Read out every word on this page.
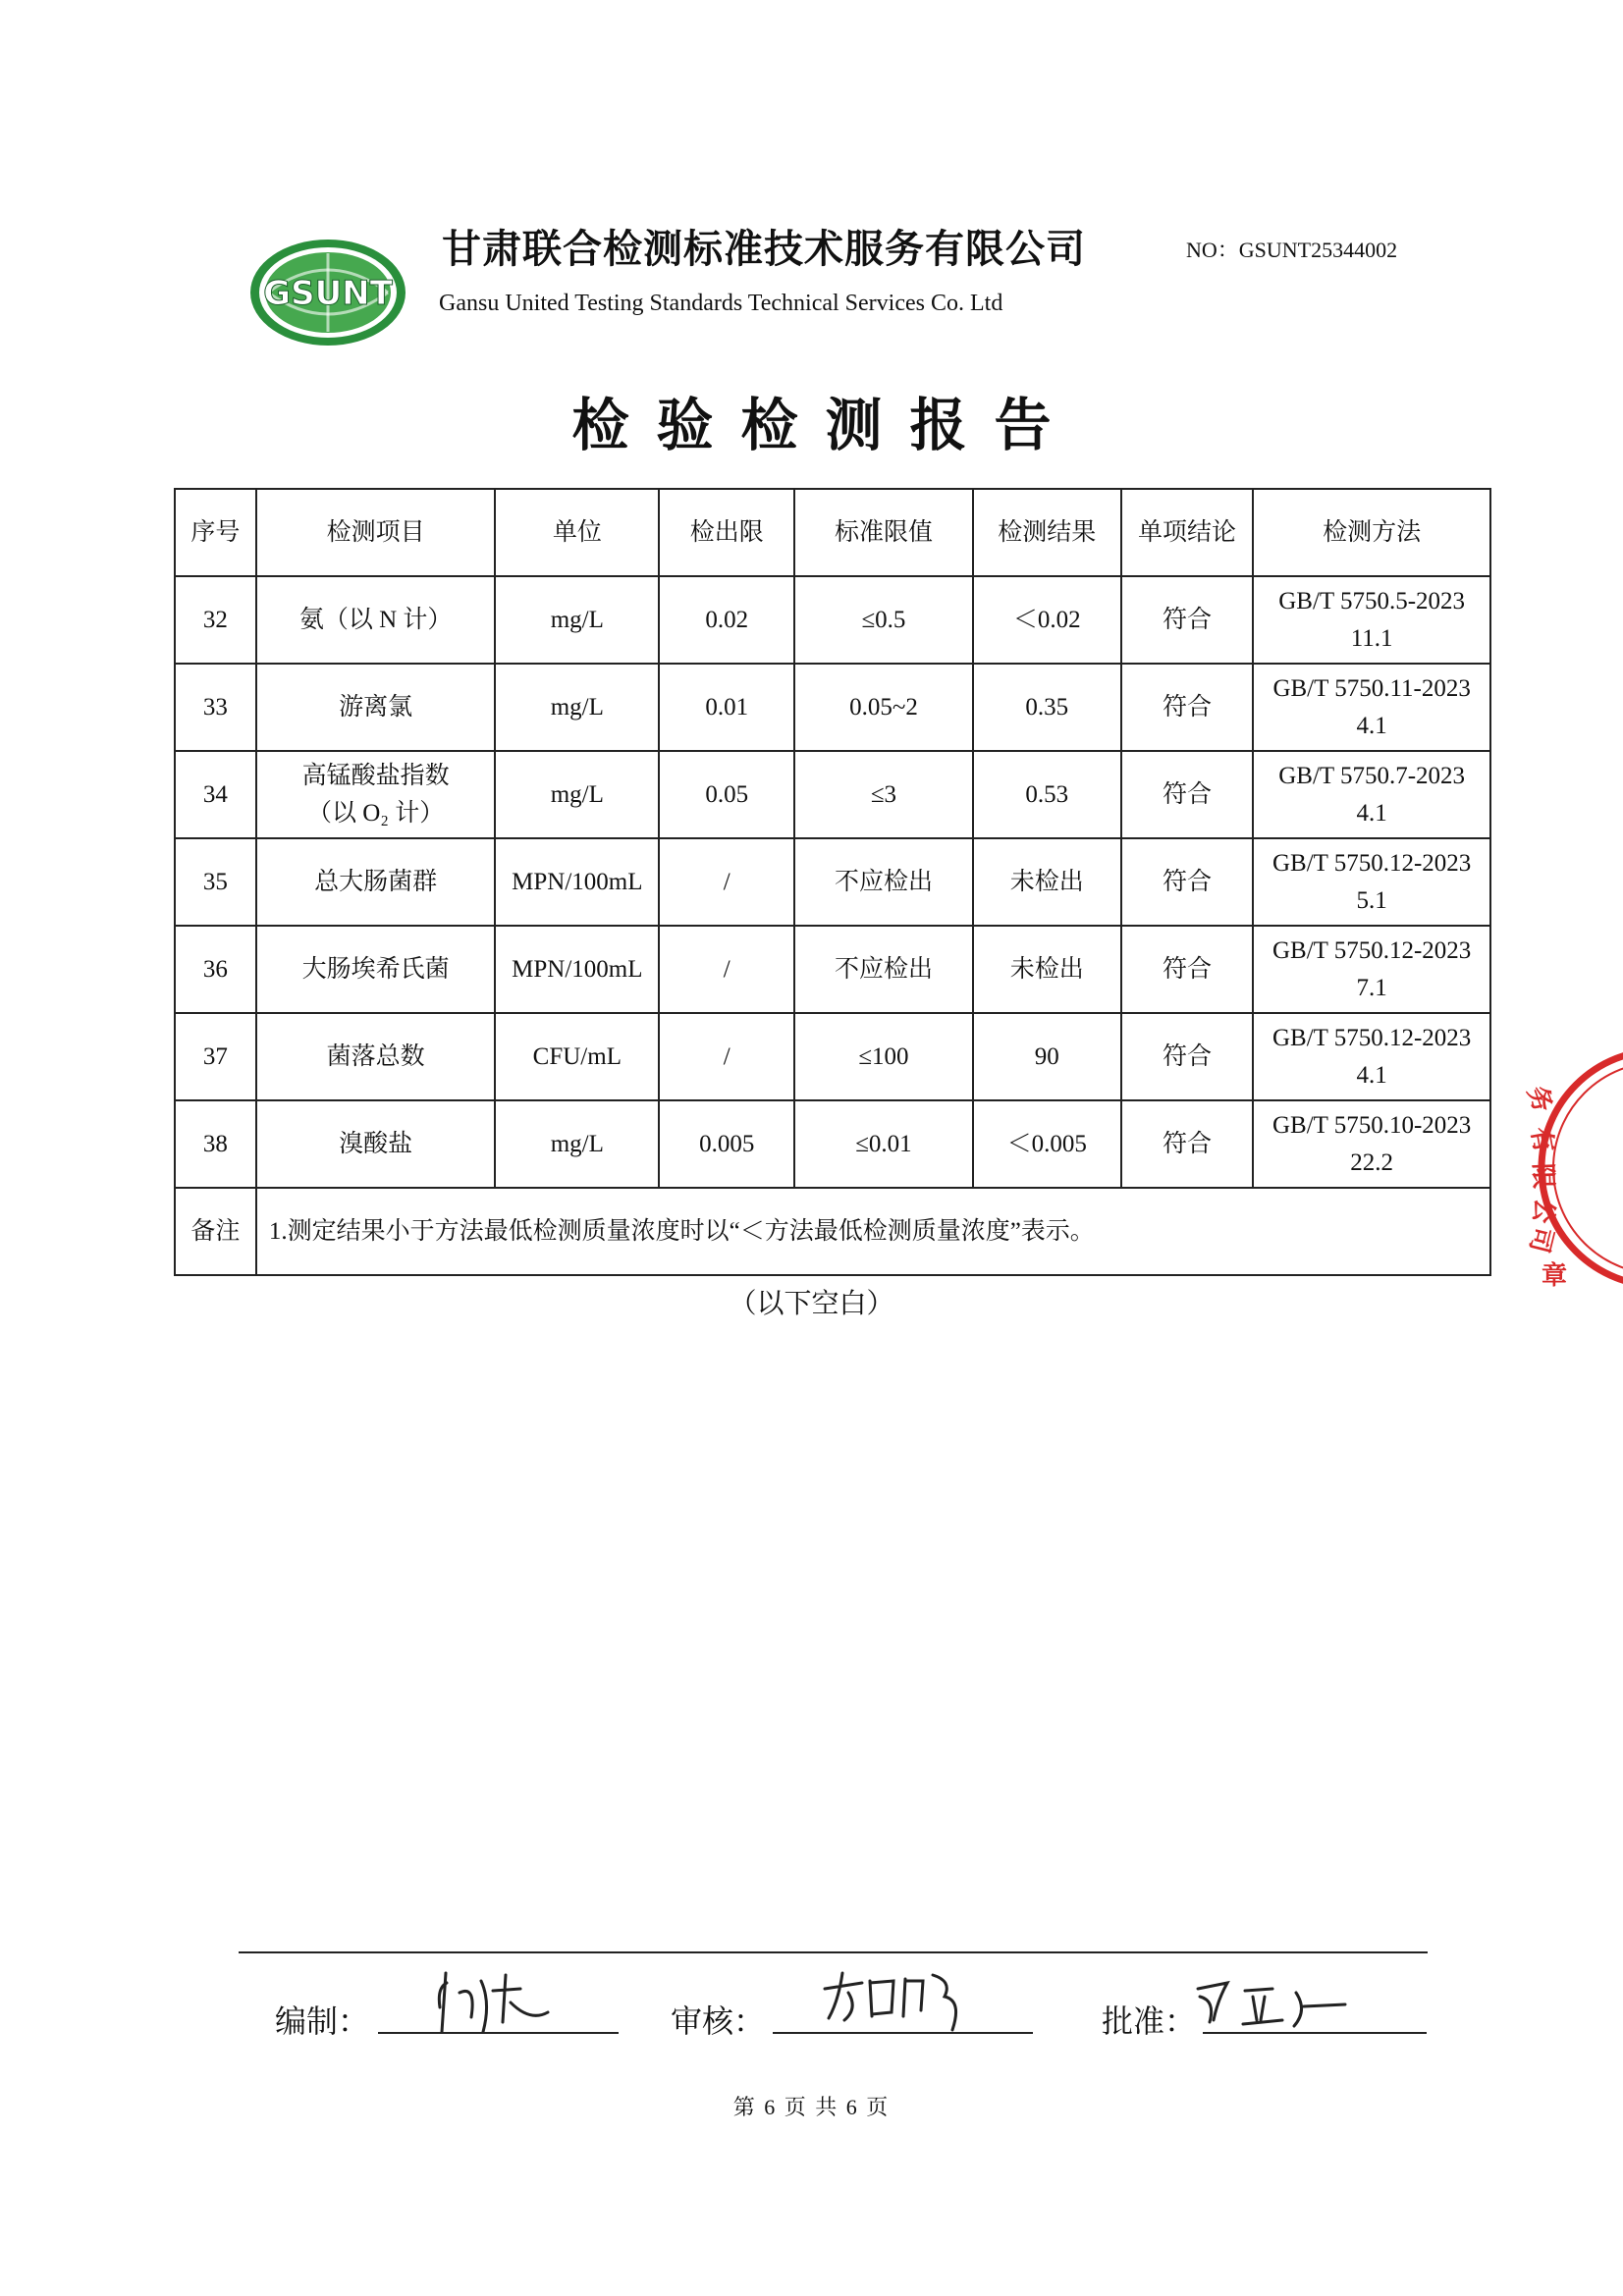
GSUNT
甘肃联合检测标准技术服务有限公司	NO：GSUNT25344002
Gansu United Testing Standards Technical Services Co. Ltd
检验检测报告
序号	检测项目	单位	检出限	标准限值	检测结果	单项结论	检测方法
32	氨（以 N 计）	mg/L	0.02	≤0.5	＜0.02	符合	GB/T 5750.5-2023
11.1
33	游离氯	mg/L	0.01	0.05~2	0.35	符合	GB/T 5750.11-2023
4.1
34	高锰酸盐指数
（以 O₂ 计）	mg/L	0.05	≤3	0.53	符合	GB/T 5750.7-2023
4.1
35	总大肠菌群	MPN/100mL	/	不应检出	未检出	符合	GB/T 5750.12-2023
5.1
36	大肠埃希氏菌	MPN/100mL	/	不应检出	未检出	符合	GB/T 5750.12-2023
7.1
37	菌落总数	CFU/mL	/	≤100	90	符合	GB/T 5750.12-2023
4.1
38	溴酸盐	mg/L	0.005	≤0.01	＜0.005	符合	GB/T 5750.10-2023
22.2
备注	1.测定结果小于方法最低检测质量浓度时以“＜方法最低检测质量浓度”表示。						
（以下空白）
务
有
限
公
司
章
编制：	审核：	批准：
第 6 页 共 6 页
